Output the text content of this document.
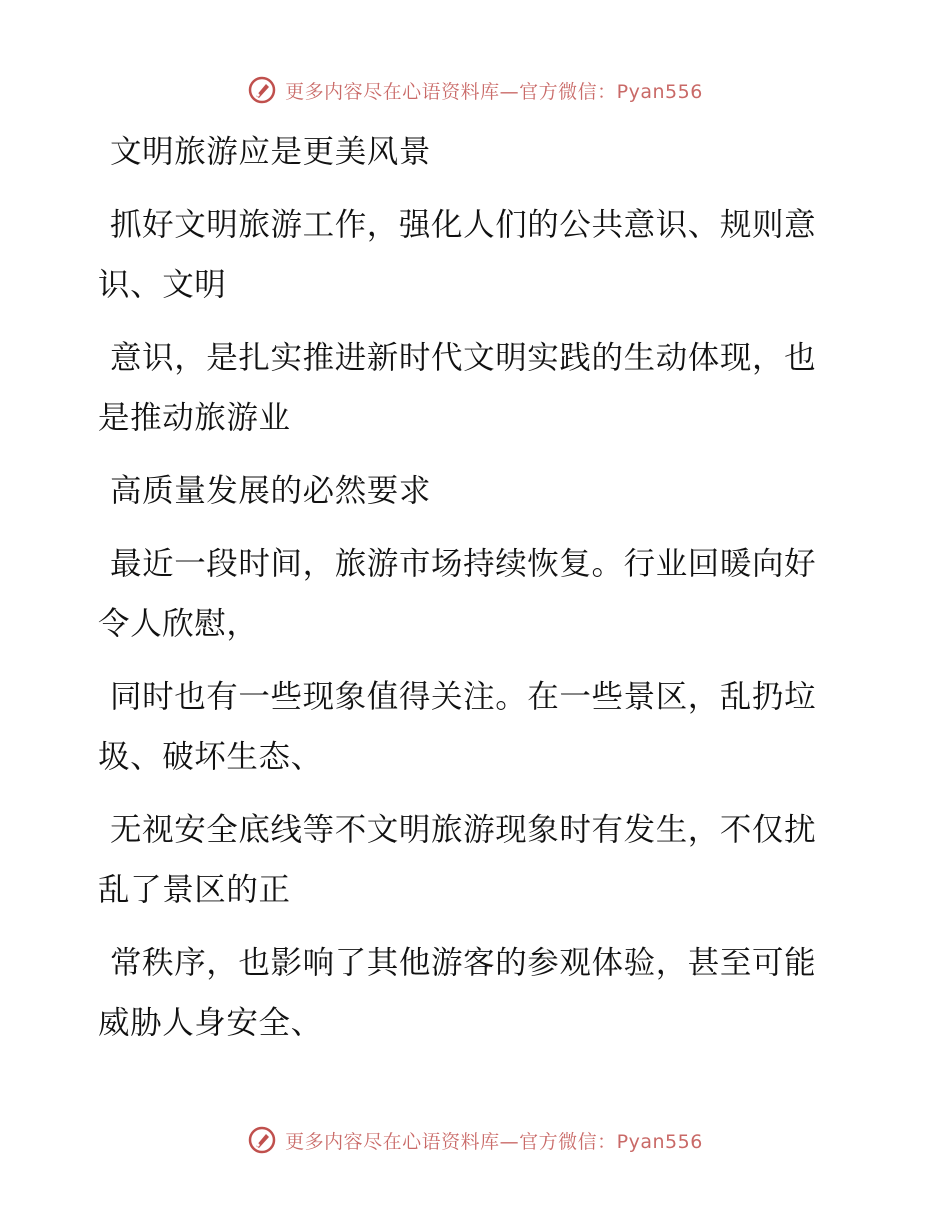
更多内容尽在心语资料库—官方微信：Pyan556

文明旅游应是更美风景

抓好文明旅游工作，强化人们的公共意识、规则意识、文明

意识，是扎实推进新时代文明实践的生动体现，也是推动旅游业

高质量发展的必然要求

最近一段时间，旅游市场持续恢复。行业回暖向好令人欣慰，

同时也有一些现象值得关注。在一些景区，乱扔垃圾、破坏生态、

无视安全底线等不文明旅游现象时有发生，不仅扰乱了景区的正

常秩序，也影响了其他游客的参观体验，甚至可能威胁人身安全、

更多内容尽在心语资料库—官方微信：Pyan556
